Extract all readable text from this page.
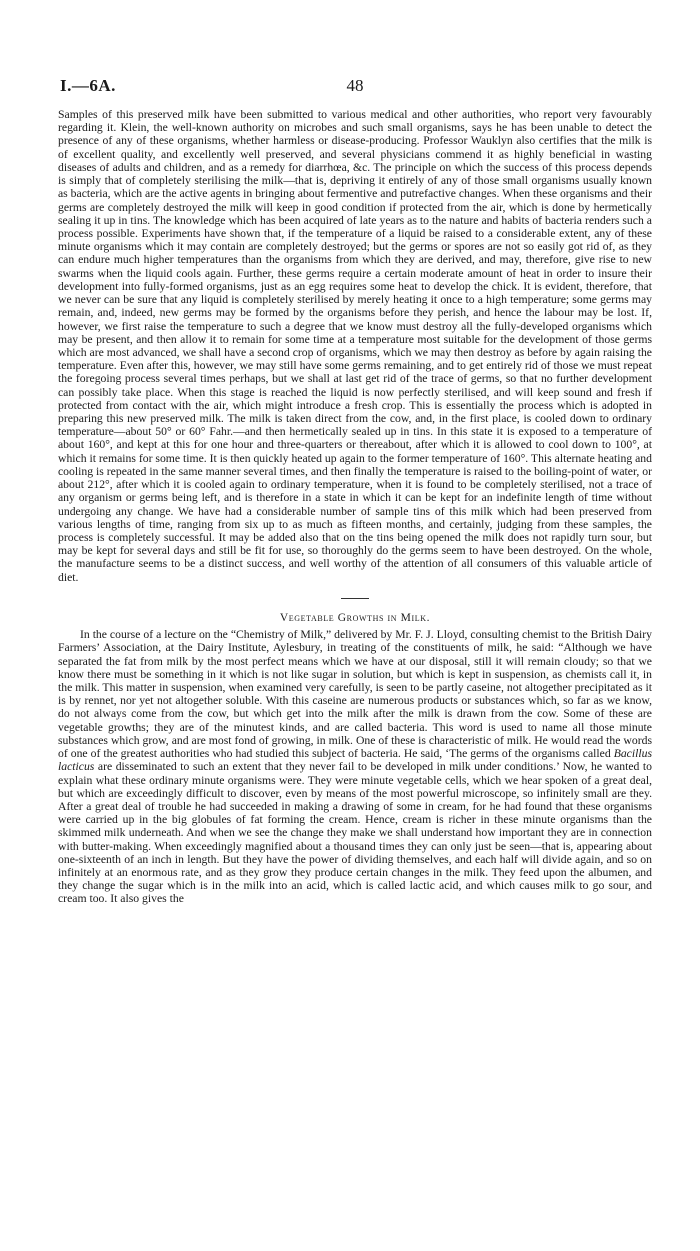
I.—6A.	48

Samples of this preserved milk have been submitted to various medical and other authorities, who report very favourably regarding it. Klein, the well-known authority on microbes and such small organisms, says he has been unable to detect the presence of any of these organisms, whether harmless or disease-producing. Professor Wauklyn also certifies that the milk is of excellent quality, and excellently well preserved, and several physicians commend it as highly beneficial in wasting diseases of adults and children, and as a remedy for diarrhœa, &c. The principle on which the success of this process depends is simply that of completely sterilising the milk—that is, depriving it entirely of any of those small organisms usually known as bacteria, which are the active agents in bringing about fermentive and putrefactive changes. When these organisms and their germs are completely destroyed the milk will keep in good condition if protected from the air, which is done by hermetically sealing it up in tins. The knowledge which has been acquired of late years as to the nature and habits of bacteria renders such a process possible. Experiments have shown that, if the temperature of a liquid be raised to a considerable extent, any of these minute organisms which it may contain are completely destroyed; but the germs or spores are not so easily got rid of, as they can endure much higher temperatures than the organisms from which they are derived, and may, therefore, give rise to new swarms when the liquid cools again. Further, these germs require a certain moderate amount of heat in order to insure their development into fully-formed organisms, just as an egg requires some heat to develop the chick. It is evident, therefore, that we never can be sure that any liquid is completely sterilised by merely heating it once to a high temperature; some germs may remain, and, indeed, new germs may be formed by the organisms before they perish, and hence the labour may be lost. If, however, we first raise the temperature to such a degree that we know must destroy all the fully-developed organisms which may be present, and then allow it to remain for some time at a temperature most suitable for the development of those germs which are most advanced, we shall have a second crop of organisms, which we may then destroy as before by again raising the temperature. Even after this, however, we may still have some germs remaining, and to get entirely rid of those we must repeat the foregoing process several times perhaps, but we shall at last get rid of the trace of germs, so that no further development can possibly take place. When this stage is reached the liquid is now perfectly sterilised, and will keep sound and fresh if protected from contact with the air, which might introduce a fresh crop. This is essentially the process which is adopted in preparing this new preserved milk. The milk is taken direct from the cow, and, in the first place, is cooled down to ordinary temperature—about 50° or 60° Fahr.—and then hermetically sealed up in tins. In this state it is exposed to a temperature of about 160°, and kept at this for one hour and three-quarters or thereabout, after which it is allowed to cool down to 100°, at which it remains for some time. It is then quickly heated up again to the former temperature of 160°. This alternate heating and cooling is repeated in the same manner several times, and then finally the temperature is raised to the boiling-point of water, or about 212°, after which it is cooled again to ordinary temperature, when it is found to be completely sterilised, not a trace of any organism or germs being left, and is therefore in a state in which it can be kept for an indefinite length of time without undergoing any change. We have had a considerable number of sample tins of this milk which had been preserved from various lengths of time, ranging from six up to as much as fifteen months, and certainly, judging from these samples, the process is completely successful. It may be added also that on the tins being opened the milk does not rapidly turn sour, but may be kept for several days and still be fit for use, so thoroughly do the germs seem to have been destroyed. On the whole, the manufacture seems to be a distinct success, and well worthy of the attention of all consumers of this valuable article of diet.

Vegetable Growths in Milk.

In the course of a lecture on the “Chemistry of Milk,” delivered by Mr. F. J. Lloyd, consulting chemist to the British Dairy Farmers’ Association, at the Dairy Institute, Aylesbury, in treating of the constituents of milk, he said: “Although we have separated the fat from milk by the most perfect means which we have at our disposal, still it will remain cloudy; so that we know there must be something in it which is not like sugar in solution, but which is kept in suspension, as chemists call it, in the milk. This matter in suspension, when examined very carefully, is seen to be partly caseine, not altogether precipitated as it is by rennet, nor yet not altogether soluble. With this caseine are numerous products or substances which, so far as we know, do not always come from the cow, but which get into the milk after the milk is drawn from the cow. Some of these are vegetable growths; they are of the minutest kinds, and are called bacteria. This word is used to name all those minute substances which grow, and are most fond of growing, in milk. One of these is characteristic of milk. He would read the words of one of the greatest authorities who had studied this subject of bacteria. He said, ‘The germs of the organisms called Bacillus lacticus are disseminated to such an extent that they never fail to be developed in milk under conditions.’ Now, he wanted to explain what these ordinary minute organisms were. They were minute vegetable cells, which we hear spoken of a great deal, but which are exceedingly difficult to discover, even by means of the most powerful microscope, so infinitely small are they. After a great deal of trouble he had succeeded in making a drawing of some in cream, for he had found that these organisms were carried up in the big globules of fat forming the cream. Hence, cream is richer in these minute organisms than the skimmed milk underneath. And when we see the change they make we shall understand how important they are in connection with butter-making. When exceedingly magnified about a thousand times they can only just be seen—that is, appearing about one-sixteenth of an inch in length. But they have the power of dividing themselves, and each half will divide again, and so on infinitely at an enormous rate, and as they grow they produce certain changes in the milk. They feed upon the albumen, and they change the sugar which is in the milk into an acid, which is called lactic acid, and which causes milk to go sour, and cream too. It also gives the
